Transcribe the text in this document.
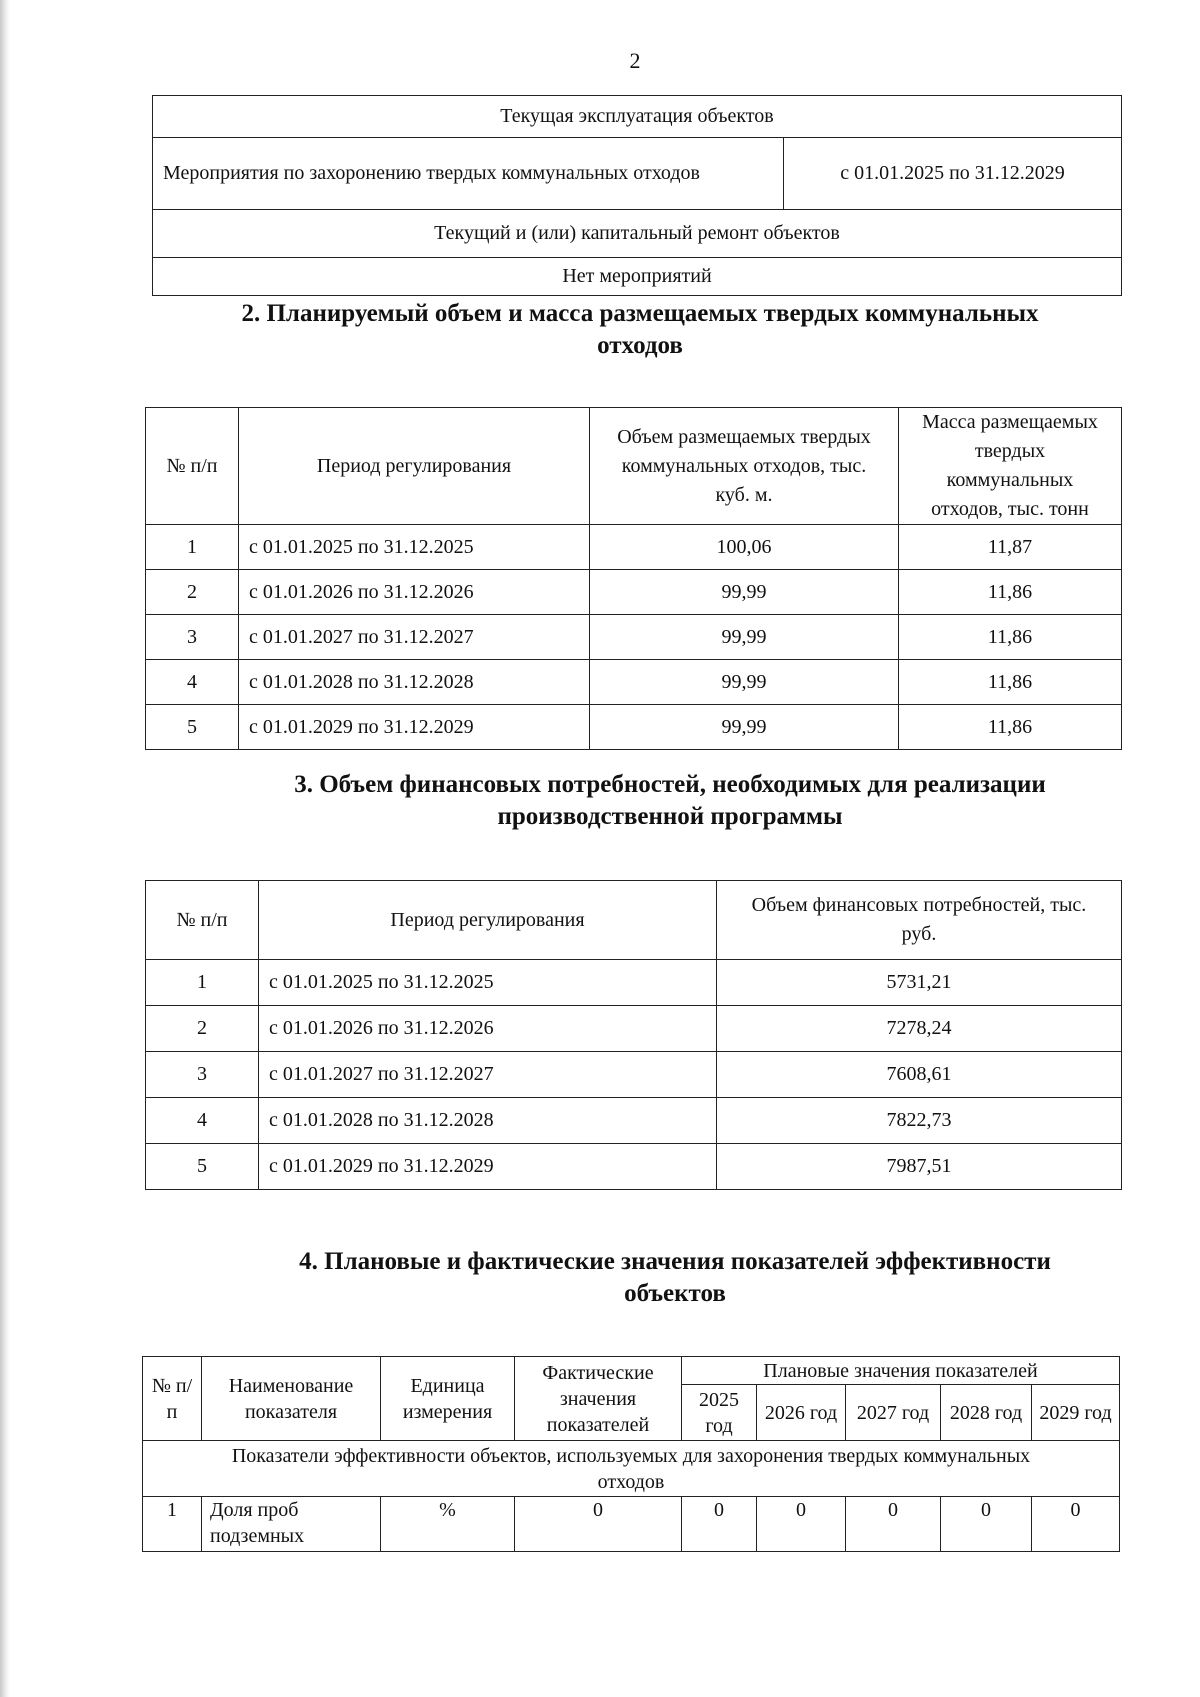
2
Текущая эксплуатация объектов
Мероприятия по захоронению твердых коммунальных отходов	с 01.01.2025 по 31.12.2029
Текущий и (или) капитальный ремонт объектов
Нет мероприятий
2. Планируемый объем и масса размещаемых твердых коммунальных
отходов
№ п/п	Период регулирования	Объем размещаемых твердых коммунальных отходов, тыс. куб. м.	Масса размещаемых твердых коммунальных отходов, тыс. тонн
1	с 01.01.2025 по 31.12.2025	100,06	11,87
2	с 01.01.2026 по 31.12.2026	99,99	11,86
3	с 01.01.2027 по 31.12.2027	99,99	11,86
4	с 01.01.2028 по 31.12.2028	99,99	11,86
5	с 01.01.2029 по 31.12.2029	99,99	11,86
3. Объем финансовых потребностей, необходимых для реализации
производственной программы
№ п/п	Период регулирования	Объем финансовых потребностей, тыс. руб.
1	с 01.01.2025 по 31.12.2025	5731,21
2	с 01.01.2026 по 31.12.2026	7278,24
3	с 01.01.2027 по 31.12.2027	7608,61
4	с 01.01.2028 по 31.12.2028	7822,73
5	с 01.01.2029 по 31.12.2029	7987,51
4. Плановые и фактические значения показателей эффективности
объектов
№ п/п	Наименование показателя	Единица измерения	Фактические значения показателей	Плановые значения показателей				
				2025 год	2026 год	2027 год	2028 год	2029 год
Показатели эффективности объектов, используемых для захоронения твердых коммунальных отходов								
1	Доля проб подземных	%	0	0	0	0	0	0
